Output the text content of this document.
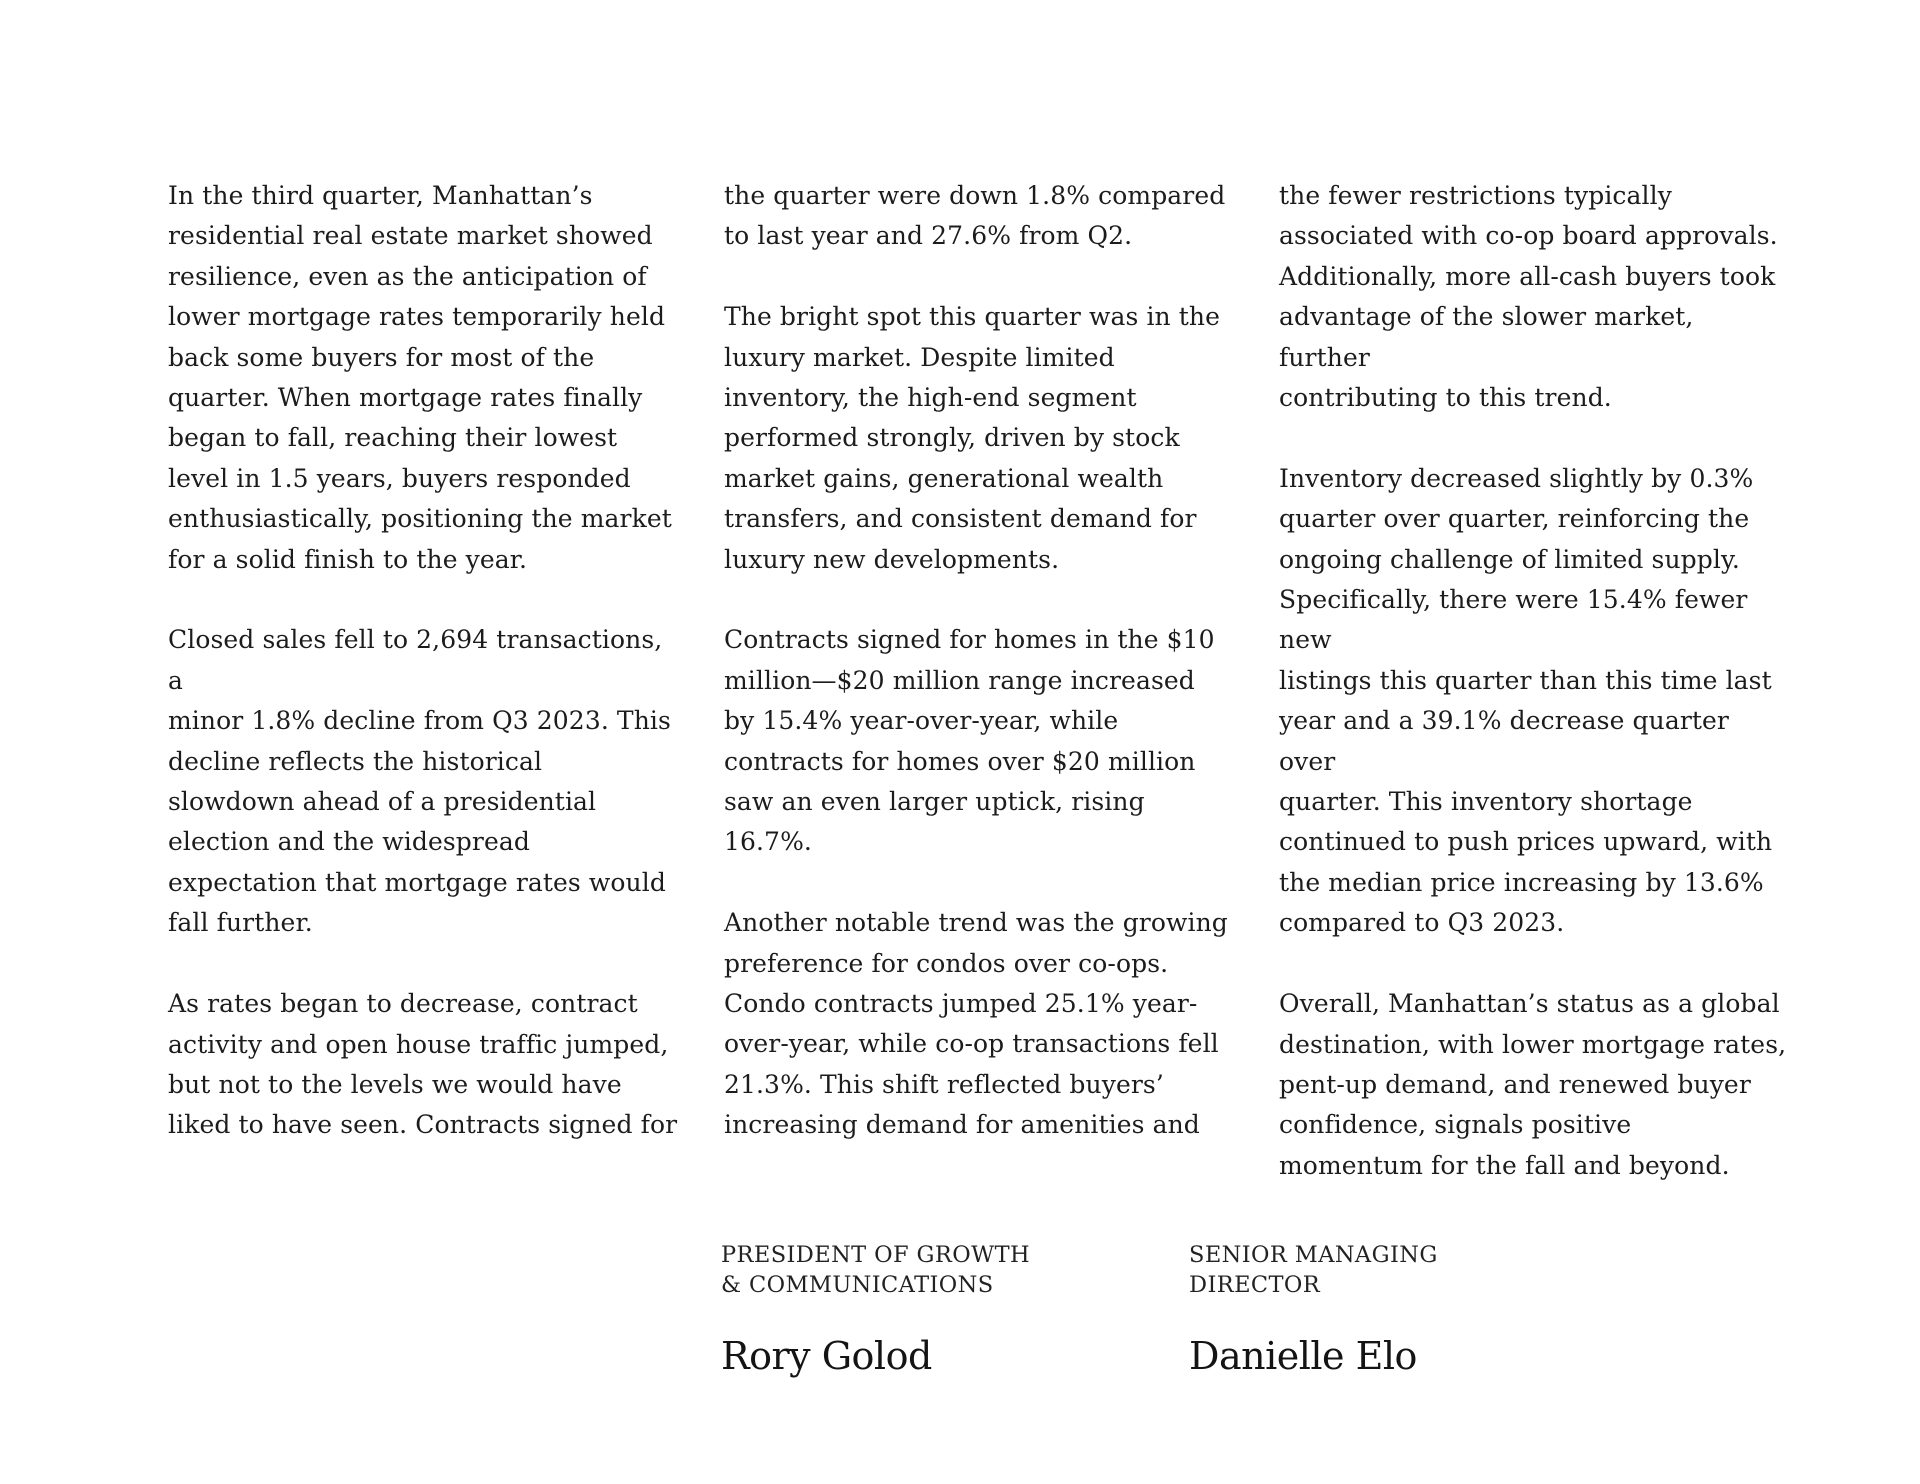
In the third quarter, Manhattan’s
residential real estate market showed
resilience, even as the anticipation of
lower mortgage rates temporarily held
back some buyers for most of the
quarter. When mortgage rates finally
began to fall, reaching their lowest
level in 1.5 years, buyers responded
enthusiastically, positioning the market
for a solid finish to the year.

Closed sales fell to 2,694 transactions, a
minor 1.8% decline from Q3 2023. This
decline reflects the historical
slowdown ahead of a presidential
election and the widespread
expectation that mortgage rates would
fall further.

As rates began to decrease, contract
activity and open house traffic jumped,
but not to the levels we would have
liked to have seen. Contracts signed for

the quarter were down 1.8% compared
to last year and 27.6% from Q2.

The bright spot this quarter was in the
luxury market. Despite limited
inventory, the high-end segment
performed strongly, driven by stock
market gains, generational wealth
transfers, and consistent demand for
luxury new developments.

Contracts signed for homes in the $10
million—$20 million range increased
by 15.4% year-over-year, while
contracts for homes over $20 million
saw an even larger uptick, rising 16.7%.

Another notable trend was the growing
preference for condos over co-ops.
Condo contracts jumped 25.1% year-
over-year, while co-op transactions fell
21.3%. This shift reflected buyers’
increasing demand for amenities and

the fewer restrictions typically
associated with co-op board approvals.
Additionally, more all-cash buyers took
advantage of the slower market, further
contributing to this trend.

Inventory decreased slightly by 0.3%
quarter over quarter, reinforcing the
ongoing challenge of limited supply.
Specifically, there were 15.4% fewer new
listings this quarter than this time last
year and a 39.1% decrease quarter over
quarter. This inventory shortage
continued to push prices upward, with
the median price increasing by 13.6%
compared to Q3 2023.

Overall, Manhattan’s status as a global
destination, with lower mortgage rates,
pent-up demand, and renewed buyer
confidence, signals positive
momentum for the fall and beyond.

PRESIDENT OF GROWTH
& COMMUNICATIONS

Rory Golod

SENIOR MANAGING
DIRECTOR

Danielle Elo
